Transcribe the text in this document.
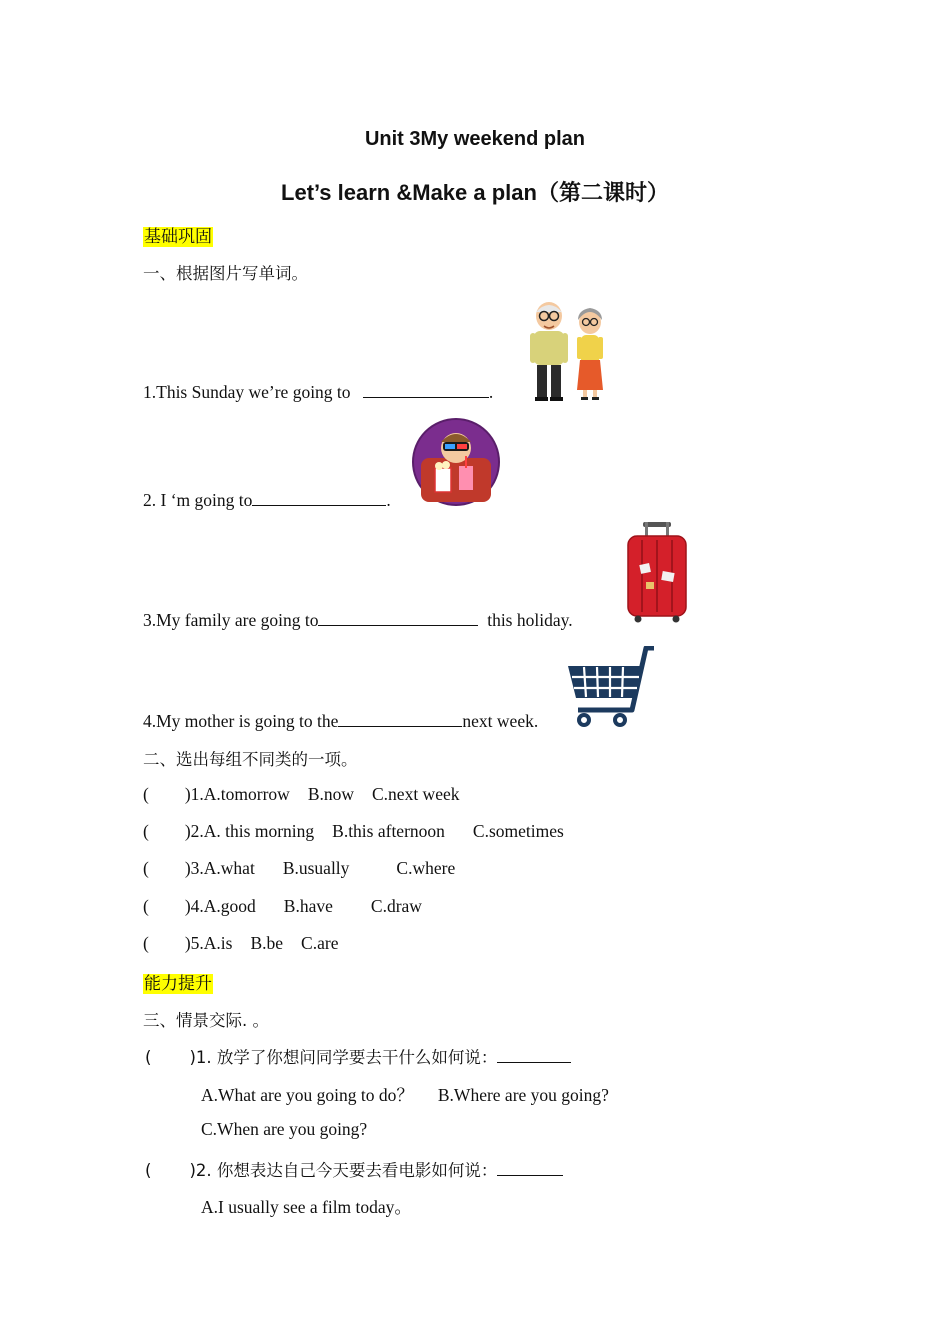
Unit 3My weekend plan
Let’s learn &Make a plan（第二课时）
基础巩固
一、根据图片写单词。
1.This Sunday we’re going to	.
2. I ‘m going to	.
3.My family are going to	this holiday.
4.My mother is going to the	next week.
二、选出每组不同类的一项。
( )1.A.tomorrow B.now C.next week
( )2.A. this morning B.this afternoon C.sometimes
( )3.A.what B.usually	C.where
( )4.A.good B.have C.draw
( )5.A.is B.be C.are
能力提升
三、情景交际. 。
( )1. 放学了你想问同学要去干什么如何说：
A.What are you going to do？ B.Where are you going?
C.When are you going?
( )2. 你想表达自己今天要去看电影如何说：
A.I usually see a film today。
